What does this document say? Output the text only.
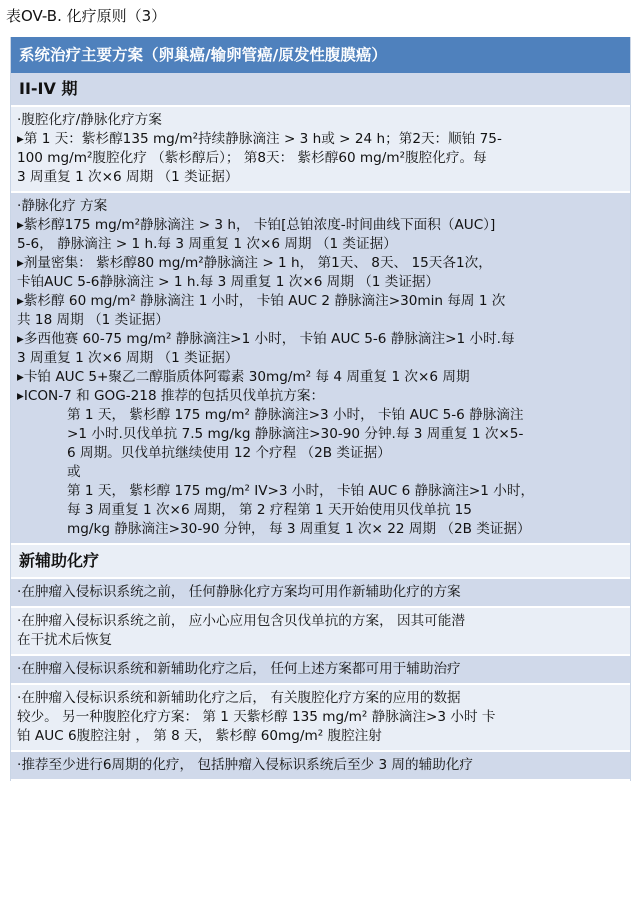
表OV-B. 化疗原则（3）
系统治疗主要方案（卵巢癌/输卵管癌/原发性腹膜癌）
II-IV 期
·腹腔化疗/静脉化疗方案
▸第 1 天：紫杉醇135 mg/m²持续静脉滴注 > 3 h或 > 24 h；第2天：顺铂 75-
100 mg/m²腹腔化疗 （紫杉醇后）； 第8天： 紫杉醇60 mg/m²腹腔化疗。每
3 周重复 1 次×6 周期 （1 类证据）
·静脉化疗 方案
▸紫杉醇175 mg/m²静脉滴注 > 3 h， 卡铂[总铂浓度-时间曲线下面积（AUC）]
5-6， 静脉滴注 > 1 h.每 3 周重复 1 次×6 周期 （1 类证据）
▸剂量密集： 紫杉醇80 mg/m²静脉滴注 > 1 h， 第1天、 8天、 15天各1次，
卡铂AUC 5-6静脉滴注 > 1 h.每 3 周重复 1 次×6 周期 （1 类证据）
▸紫杉醇 60 mg/m² 静脉滴注 1 小时， 卡铂 AUC 2 静脉滴注>30min 每周 1 次
共 18 周期 （1 类证据）
▸多西他赛 60-75 mg/m² 静脉滴注>1 小时， 卡铂 AUC 5-6 静脉滴注>1 小时.每
3 周重复 1 次×6 周期 （1 类证据）
▸卡铂 AUC 5+聚乙二醇脂质体阿霉素 30mg/m² 每 4 周重复 1 次×6 周期
▸ICON-7 和 GOG-218 推荐的包括贝伐单抗方案：
第 1 天， 紫杉醇 175 mg/m² 静脉滴注>3 小时， 卡铂 AUC 5-6 静脉滴注
>1 小时.贝伐单抗 7.5 mg/kg 静脉滴注>30-90 分钟.每 3 周重复 1 次×5-
6 周期。贝伐单抗继续使用 12 个疗程 （2B 类证据）
或
第 1 天， 紫杉醇 175 mg/m² IV>3 小时， 卡铂 AUC 6 静脉滴注>1 小时，
每 3 周重复 1 次×6 周期， 第 2 疗程第 1 天开始使用贝伐单抗 15
mg/kg 静脉滴注>30-90 分钟， 每 3 周重复 1 次× 22 周期 （2B 类证据）
新辅助化疗
·在肿瘤入侵标识系统之前， 任何静脉化疗方案均可用作新辅助化疗的方案
·在肿瘤入侵标识系统之前， 应小心应用包含贝伐单抗的方案， 因其可能潜
在干扰术后恢复
·在肿瘤入侵标识系统和新辅助化疗之后， 任何上述方案都可用于辅助治疗
·在肿瘤入侵标识系统和新辅助化疗之后， 有关腹腔化疗方案的应用的数据
较少。 另一种腹腔化疗方案： 第 1 天紫杉醇 135 mg/m² 静脉滴注>3 小时 卡
铂 AUC 6腹腔注射 ， 第 8 天， 紫杉醇 60mg/m² 腹腔注射
·推荐至少进行6周期的化疗， 包括肿瘤入侵标识系统后至少 3 周的辅助化疗
